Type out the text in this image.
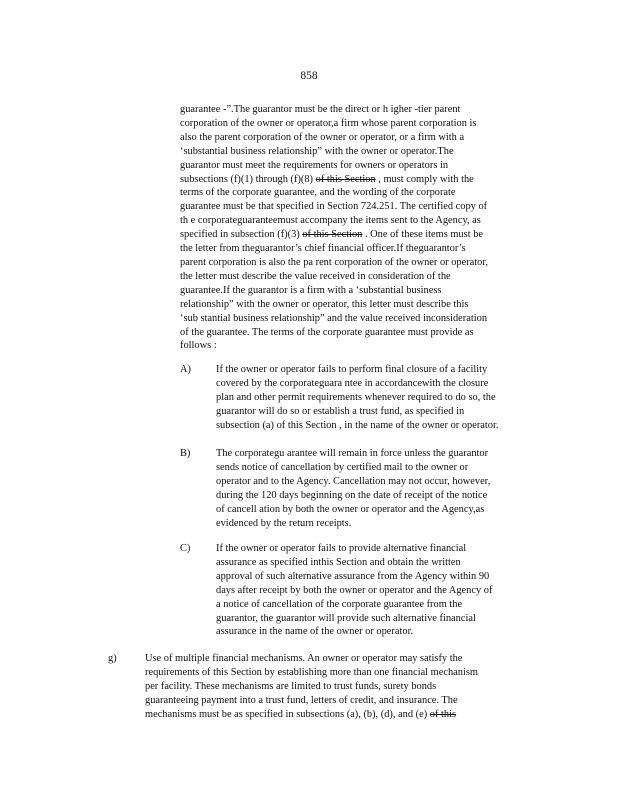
858
guarantee -”.The guarantor must be the direct or h igher -tier parent
corporation of the owner or operator,a firm whose parent corporation is
also the parent corporation of the owner or operator, or a firm with a
‘substantial business relationship” with the owner or operator.The
guarantor must meet the requirements for owners or operators in
subsections (f)(1) through (f)(8) of this Section , must comply with the
terms of the corporate guarantee, and the wording of the corporate
guarantee must be that specified in Section 724.251. The certified copy of
th e corporateguaranteemust accompany the items sent to the Agency, as
specified in subsection (f)(3) of this Section . One of these items must be
the letter from theguarantor’s chief financial officer.If theguarantor’s
parent corporation is also the pa rent corporation of the owner or operator,
the letter must describe the value received in consideration of the
guarantee.If the guarantor is a firm with a ‘substantial business
relationship” with the owner or operator, this letter must describe this
‘sub stantial business relationship” and the value received inconsideration
of the guarantee. The terms of the corporate guarantee must provide as
follows :
A) If the owner or operator fails to perform final closure of a facility
covered by the corporateguara ntee in accordancewith the closure
plan and other permit requirements whenever required to do so, the
guarantor will do so or establish a trust fund, as specified in
subsection (a) of this Section , in the name of the owner or operator.
B) The corporategu arantee will remain in force unless the guarantor
sends notice of cancellation by certified mail to the owner or
operator and to the Agency. Cancellation may not occur, however,
during the 120 days beginning on the date of receipt of the notice
of cancell ation by both the owner or operator and the Agency,as
evidenced by the return receipts.
C) If the owner or operator fails to provide alternative financial
assurance as specified inthis Section and obtain the written
approval of such alternative assurance from the Agency within 90
days after receipt by both the owner or operator and the Agency of
a notice of cancellation of the corporate guarantee from the
guarantor, the guarantor will provide such alternative financial
assurance in the name of the owner or operator.
g)	Use of multiple financial mechanisms. An owner or operator may satisfy the
requirements of this Section by establishing more than one financial mechanism
per facility. These mechanisms are limited to trust funds, surety bonds
guaranteeing payment into a trust fund, letters of credit, and insurance. The
mechanisms must be as specified in subsections (a), (b), (d), and (e) of this
